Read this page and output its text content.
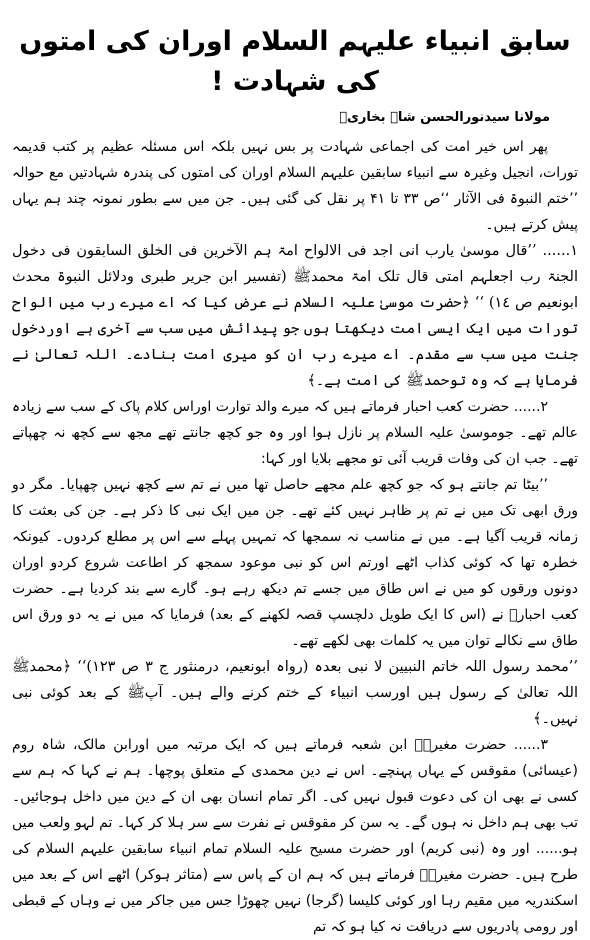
سابق انبیاء علیہم السلام اوران کی امتوں کی شہادت !
مولانا سیدنورالحسن شاہ بخاریؒ

پھر اس خیر امت کی اجماعی شہادت پر بس نہیں بلکہ اس مسئلہ عظیم پر کتب قدیمہ تورات، انجیل وغیرہ سے انبیاء سابقین علیہم السلام اوران کی امتوں کی پندرہ شہادتیں مع حوالہ ’’ختم النبوۃ فی الآثار ‘‘ص ۳۳ تا ۴۱ پر نقل کی گئی ہیں۔ جن میں سے بطور نمونہ چند ہم یہاں پیش کرتے ہیں۔

۱...... ’’قال موسیٰ یارب انی اجد فی الالواح امۃ ہم الآخرین فی الخلق السابقون فی دخول الجنۃ رب اجعلہم امتی قال تلک امۃ محمدﷺ (تفسیر ابن جریر طبری ودلائل النبوۃ محدث ابونعیم ص ۱٤) ‘‘ ﴿حضرت موسیٰ علیہ السلام نے عرض کیا کہ اے میرے رب میں الواح تورات میں ایک ایسی امت دیکھتا ہوں جو پیدائش میں سب سے آخری ہے اوردخول جنت میں سب سے مقدم۔ اے میرے رب ان کو میری امت بنادے۔ اللہ تعالیٰ نے فرمایا ہے کہ وہ توحمدﷺ کی امت ہے۔﴾

۲...... حضرت کعب احبار فرماتے ہیں کہ میرے والد توارت اوراس کلام پاک کے سب سے زیادہ عالم تھے۔ جوموسیٰ علیہ السلام پر نازل ہوا اور وہ جو کچھ جانتے تھے مجھ سے کچھ نہ چھپاتے تھے۔ جب ان کی وفات قریب آئی تو مجھے بلایا اور کہا:

’’بیٹا تم جانتے ہو کہ جو کچھ علم مجھے حاصل تھا میں نے تم سے کچھ نہیں چھپایا۔ مگر دو ورق ابھی تک میں نے تم پر ظاہر نہیں کئے تھے۔ جن میں ایک نبی کا ذکر ہے۔ جن کی بعثت کا زمانہ قریب آگیا ہے۔ میں نے مناسب نہ سمجھا کہ تمہیں پہلے سے اس پر مطلع کردوں۔ کیونکہ خطرہ تھا کہ کوئی کذاب اٹھے اورتم اس کو نبی موعود سمجھ کر اطاعت شروع کردو اوران دونوں ورقوں کو میں نے اس طاق میں جسے تم دیکھ رہے ہو۔ گارے سے بند کردیا ہے۔ حضرت کعب احبارؒ نے (اس کا ایک طویل دلچسپ قصہ لکھنے کے بعد) فرمایا کہ میں نے یہ دو ورق اس طاق سے نکالے توان میں یہ کلمات بھی لکھے تھے۔

’’محمد رسول اللہ خاتم النبیین لا نبی بعدہ (رواہ ابونعیم، درمنثور ج ۳ ص ۱۲۳)‘‘ ﴿محمدﷺ اللہ تعالیٰ کے رسول ہیں اورسب انبیاء کے ختم کرنے والے ہیں۔ آپﷺ کے بعد کوئی نبی نہیں۔﴾

۳...... حضرت مغیرہؓ ابن شعبہ فرماتے ہیں کہ ایک مرتبہ میں اورابن مالک، شاہ روم (عیسائی) مقوقس کے یہاں پہنچے۔ اس نے دین محمدی کے متعلق پوچھا۔ ہم نے کہا کہ ہم سے کسی نے بھی ان کی دعوت قبول نہیں کی۔ اگر تمام انسان بھی ان کے دین میں داخل ہوجائیں۔ تب بھی ہم داخل نہ ہوں گے۔ یہ سن کر مقوقس نے نفرت سے سر ہلا کر کہا۔ تم لہو ولعب میں ہو...... اور وہ (نبی کریم) اور حضرت مسیح علیہ السلام تمام انبیاء سابقین علیہم السلام کی طرح ہیں۔ حضرت مغیرہؓ فرماتے ہیں کہ ہم ان کے پاس سے (متاثر ہوکر) اٹھے اس کے بعد میں اسکندریہ میں مقیم رہا اور کوئی کلیسا (گرجا) نہیں چھوڑا جس میں جاکر میں نے وہاں کے قبطی اور رومی پادریوں سے دریافت نہ کیا ہو کہ تم
